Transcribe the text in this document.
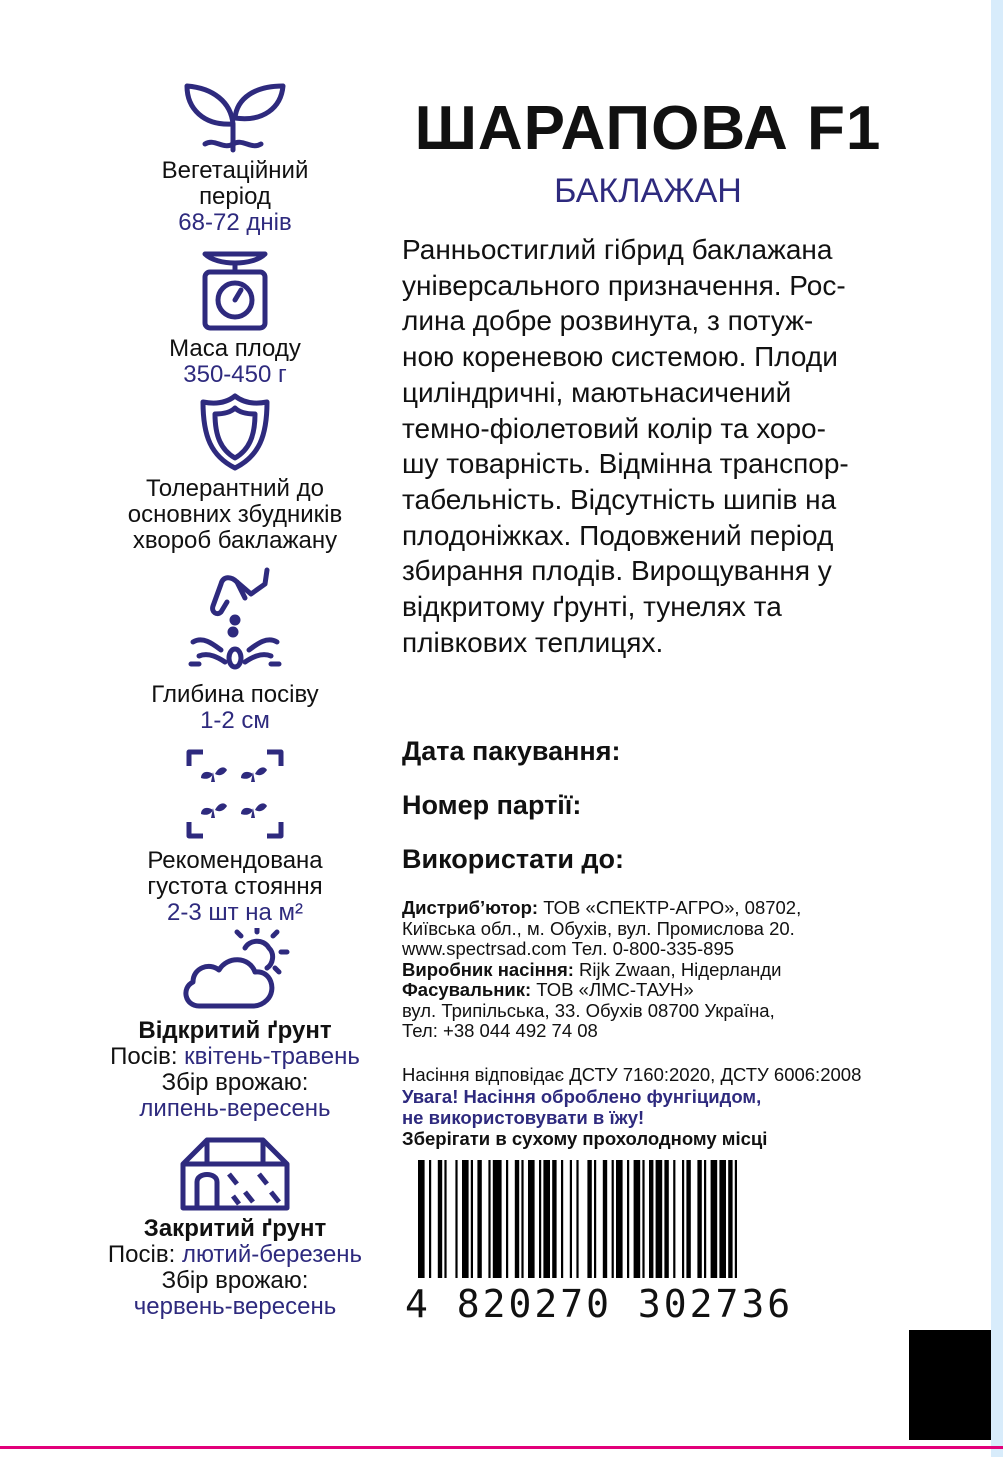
Вегетаційний
період
68-72 днів
Маса плоду
350-450 г
Толерантний до
основних збудників
хвороб баклажану
Глибина посіву
1-2 см
Рекомендована
густота стояння
2-3 шт на м²
Відкритий ґрунт
Посів: квітень-травень
Збір врожаю:
липень-вересень
Закритий ґрунт
Посів: лютий-березень
Збір врожаю:
червень-вересень
ШАРАПОВА F1
БАКЛАЖАН
Ранньостиглий гібрид баклажана
універсального призначення. Рос-
лина добре розвинута, з потуж-
ною кореневою системою. Плоди
циліндричні, маютьнасичений
темно-фіолетовий колір та хоро-
шу товарність. Відмінна транспор-
табельність. Відсутність шипів на
плодоніжках. Подовжений період
збирання плодів. Вирощування у
відкритому ґрунті, тунелях та
плівкових теплицях.
Дата пакування:
Номер партії:
Використати до:
Дистриб’ютор: ТОВ «СПЕКТР-АГРО», 08702,
Київська обл., м. Обухів, вул. Промислова 20.
www.spectrsad.com Тел. 0-800-335-895
Виробник насіння: Rijk Zwaan, Нідерланди
Фасувальник: ТОВ «ЛМС-ТАУН»
вул. Трипільська, 33. Обухів 08700 Україна,
Тел: +38 044 492 74 08
Насіння відповідає ДСТУ 7160:2020, ДСТУ 6006:2008
Увага! Насіння оброблено фунгіцидом,
не використовувати в їжу!
Зберігати в сухому прохолодному місці
4 820270 302736
